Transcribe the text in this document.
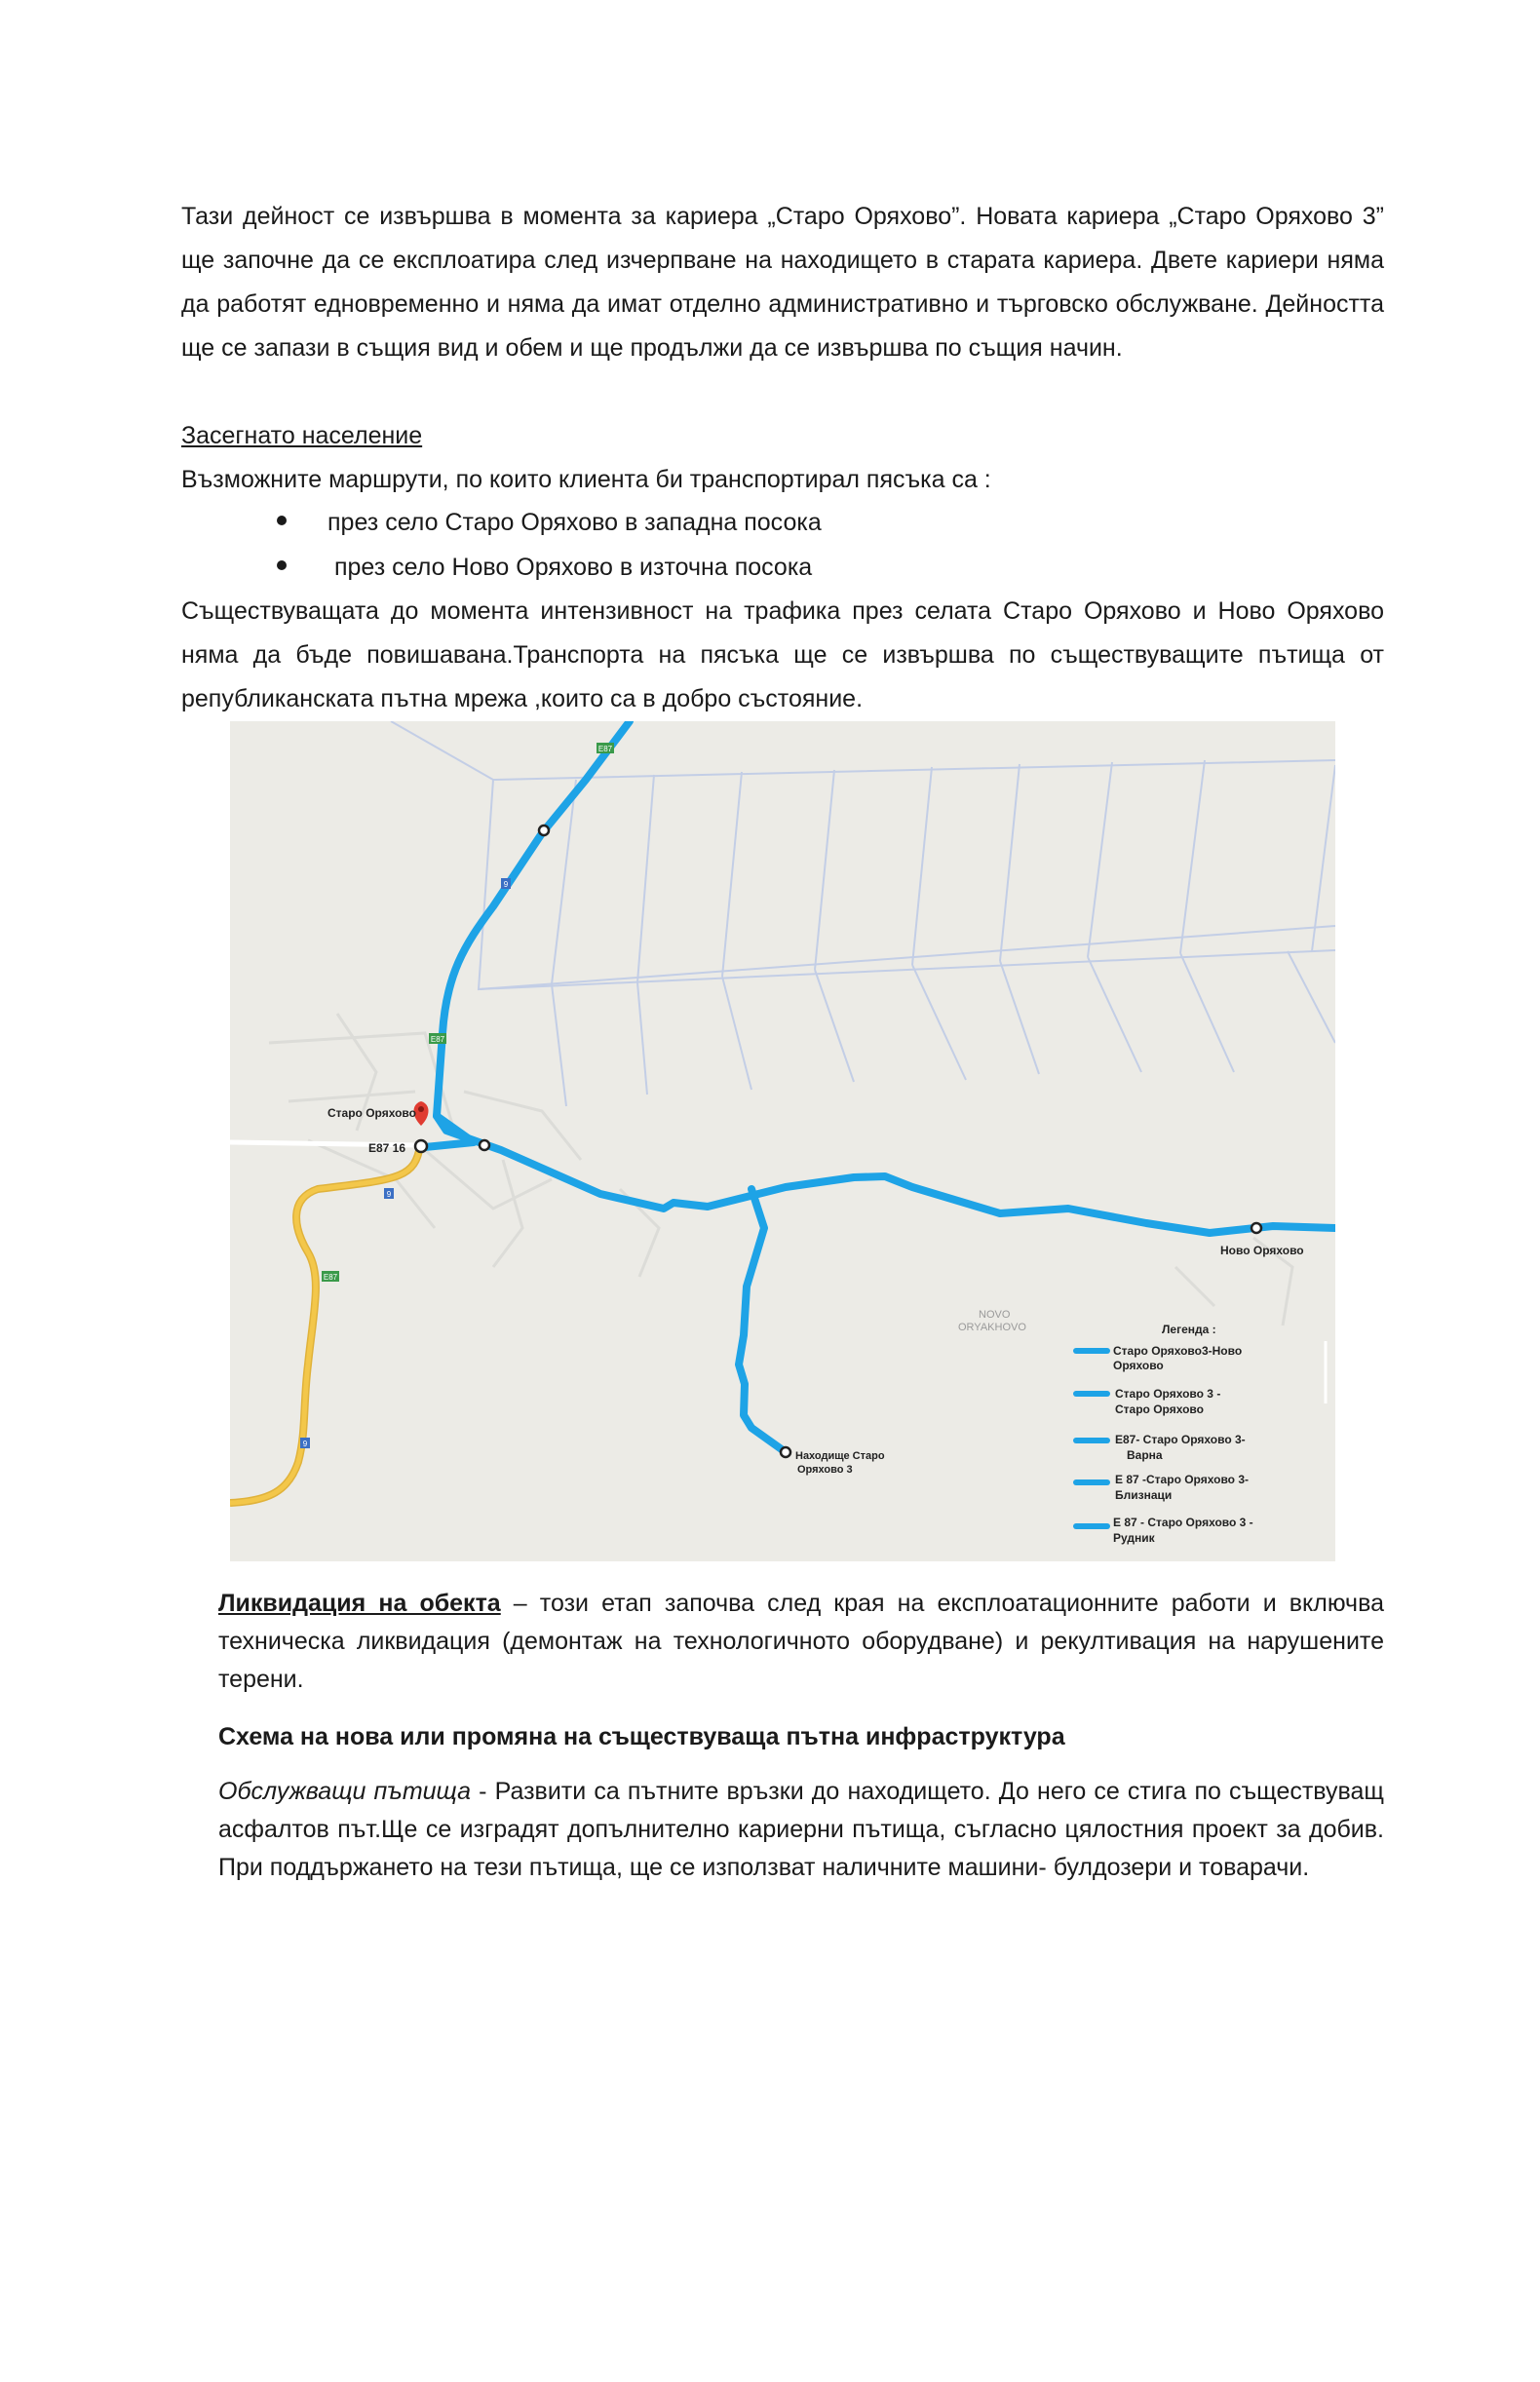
Тази дейност се извършва в момента за кариера „Старо Оряхово”. Новата кариера „Старо Оряхово 3” ще започне да се експлоатира след изчерпване на находището в старата кариера. Двете кариери няма да работят едновременно и няма да имат отделно административно и търговско обслужване. Дейността ще се запази в същия вид и обем и ще продължи да се извършва по същия начин.

Засегнато население

Възможните маршрути, по които клиента би транспортирал пясъка са :

през село Старо Оряхово в западна посока
през село Ново Оряхово в източна посока

Съществуващата до момента интензивност на трафика през селата Старо Оряхово и Ново Оряхово няма да бъде повишавана.Транспорта на пясъка ще се извършва по съществуващите пътища от републиканската пътна мрежа ,които са в добро състояние.

E87
E87
E87
9
9
9
Старо Оряхово
Е87 16
Ново Оряхово
NOVO
ORYAKHOVO
Находище Старо
Оряхово 3
Легенда :
Старо Оряхово3-Ново
Оряхово
Старо Оряхово 3 -
Старо Оряхово
Е87- Старо Оряхово 3-
Варна
Е 87 -Старо Оряхово 3-
Близнаци
Е 87 - Старо Оряхово 3 -
Рудник

Ликвидация на обекта – този етап започва след края на експлоатационните работи и включва техническа ликвидация (демонтаж на технологичното оборудване) и рекултивация на нарушените терени.

Схема на нова или промяна на съществуваща пътна инфраструктура

Обслужващи пътища - Развити са пътните връзки до находището. До него се стига по съществуващ асфалтов път.Ще се изградят допълнително кариерни пътища, съгласно цялостния проект за добив. При поддържането на тези пътища, ще се използват наличните машини- булдозери и товарачи.
